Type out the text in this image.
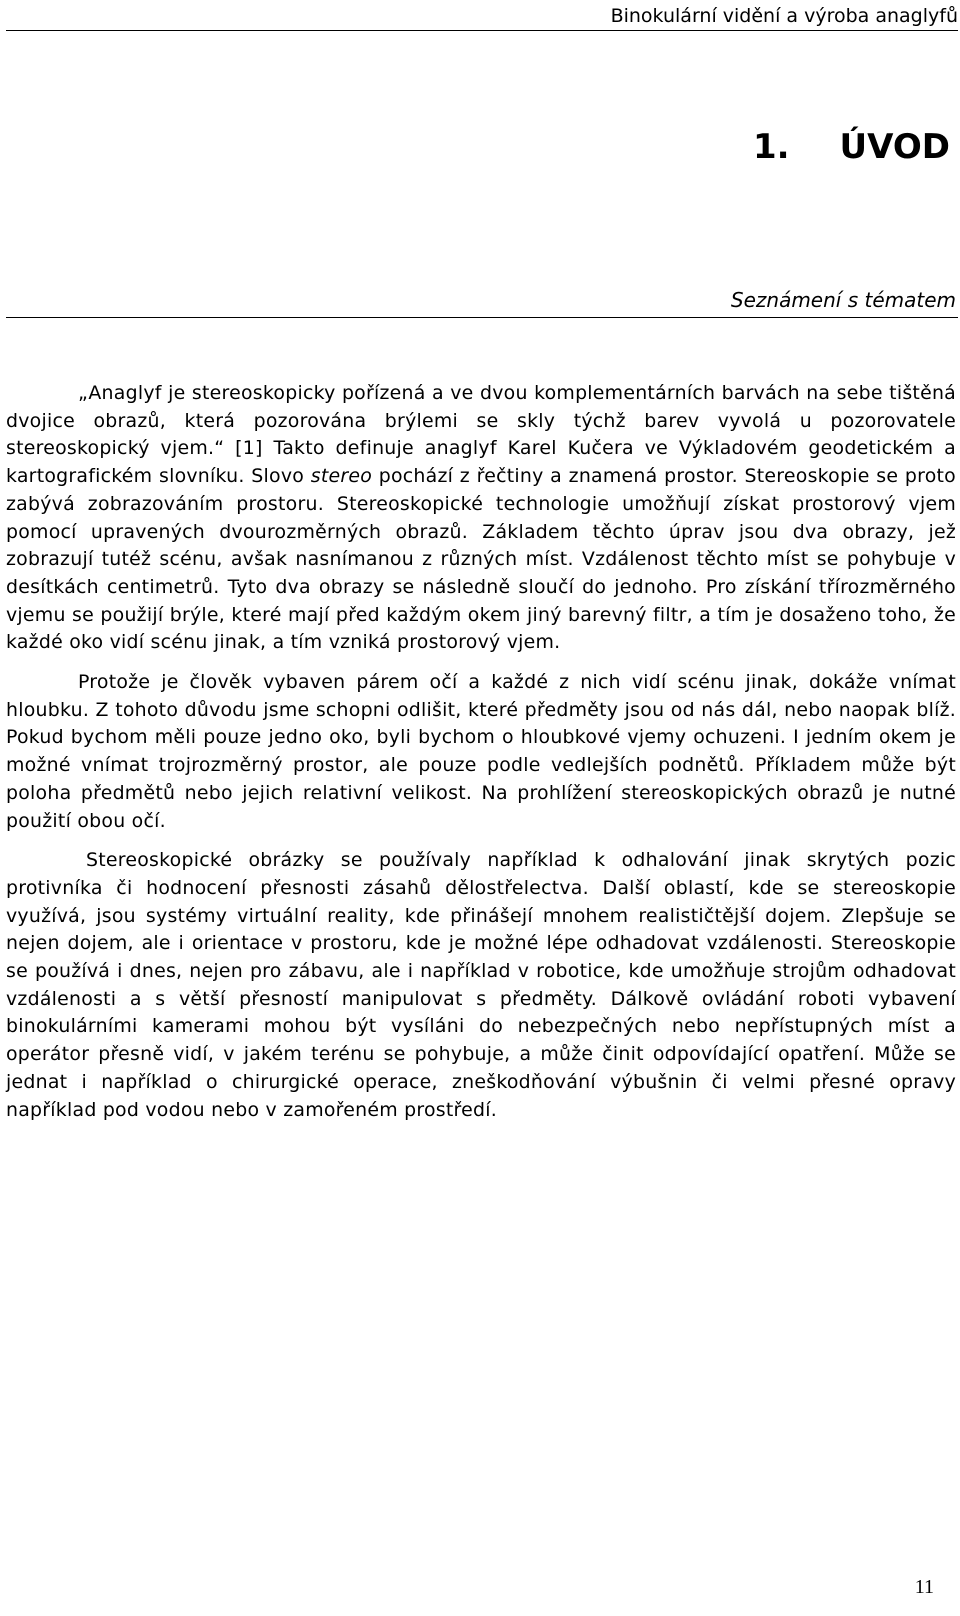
Binokulární vidění a výroba anaglyfů
1. ÚVOD
Seznámení s tématem

„Anaglyf je stereoskopicky pořízená a ve dvou komplementárních barvách na sebe tištěná dvojice obrazů, která pozorována brýlemi se skly týchž barev vyvolá u pozorovatele stereoskopický vjem.“ [1] Takto definuje anaglyf Karel Kučera ve Výkladovém geodetickém a kartografickém slovníku. Slovo stereo pochází z řečtiny a znamená prostor. Stereoskopie se proto zabývá zobrazováním prostoru. Stereoskopické technologie umožňují získat prostorový vjem pomocí upravených dvourozměrných obrazů. Základem těchto úprav jsou dva obrazy, jež zobrazují tutéž scénu, avšak nasnímanou z různých míst. Vzdálenost těchto míst se pohybuje v desítkách centimetrů. Tyto dva obrazy se následně sloučí do jednoho. Pro získání třírozměrného vjemu se použijí brýle, které mají před každým okem jiný barevný filtr, a tím je dosaženo toho, že každé oko vidí scénu jinak, a tím vzniká prostorový vjem.

Protože je člověk vybaven párem očí a každé z nich vidí scénu jinak, dokáže vnímat hloubku. Z tohoto důvodu jsme schopni odlišit, které předměty jsou od nás dál, nebo naopak blíž. Pokud bychom měli pouze jedno oko, byli bychom o hloubkové vjemy ochuzeni. I jedním okem je možné vnímat trojrozměrný prostor, ale pouze podle vedlejších podnětů. Příkladem může být poloha předmětů nebo jejich relativní velikost. Na prohlížení stereoskopických obrazů je nutné použití obou očí.

Stereoskopické obrázky se používaly například k odhalování jinak skrytých pozic protivníka či hodnocení přesnosti zásahů dělostřelectva. Další oblastí, kde se stereoskopie využívá, jsou systémy virtuální reality, kde přinášejí mnohem realističtější dojem. Zlepšuje se nejen dojem, ale i orientace v prostoru, kde je možné lépe odhadovat vzdálenosti. Stereoskopie se používá i dnes, nejen pro zábavu, ale i například v robotice, kde umožňuje strojům odhadovat vzdálenosti a s větší přesností manipulovat s předměty. Dálkově ovládání roboti vybavení binokulárními kamerami mohou být vysíláni do nebezpečných nebo nepřístupných míst a operátor přesně vidí, v jakém terénu se pohybuje, a může činit odpovídající opatření. Může se jednat i například o chirurgické operace, zneškodňování výbušnin či velmi přesné opravy například pod vodou nebo v zamořeném prostředí.

11
